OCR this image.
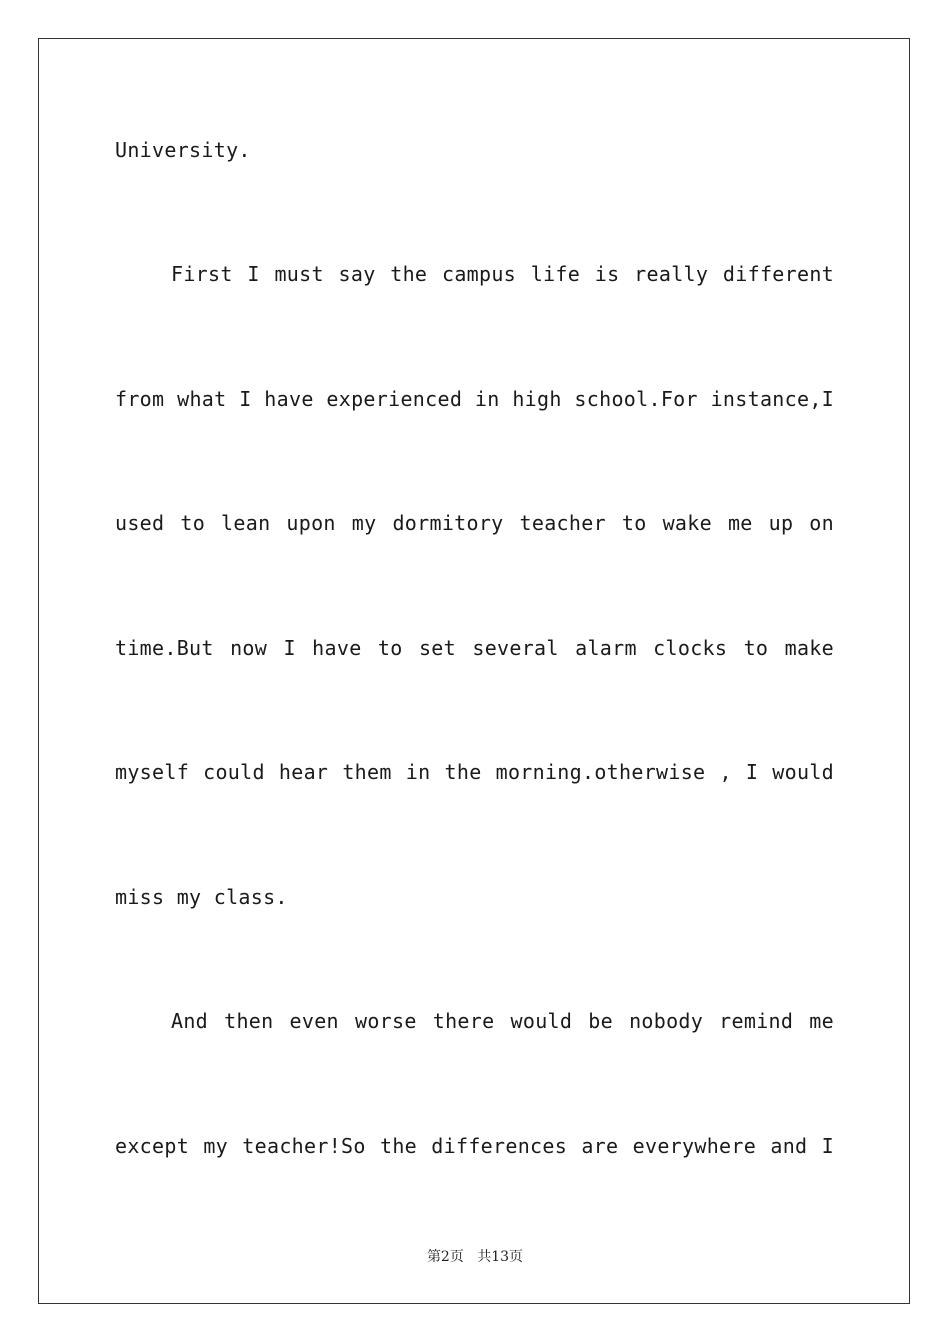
University.
First I must say the campus life is really different
from what I have experienced in high school.For instance,I
used to lean upon my dormitory teacher to wake me up on
time.But now I have to set several alarm clocks to make
myself could hear them in the morning.otherwise , I would
miss my class.
And then even worse there would be nobody remind me
except my teacher!So the differences are everywhere and I
第2页 共13页
